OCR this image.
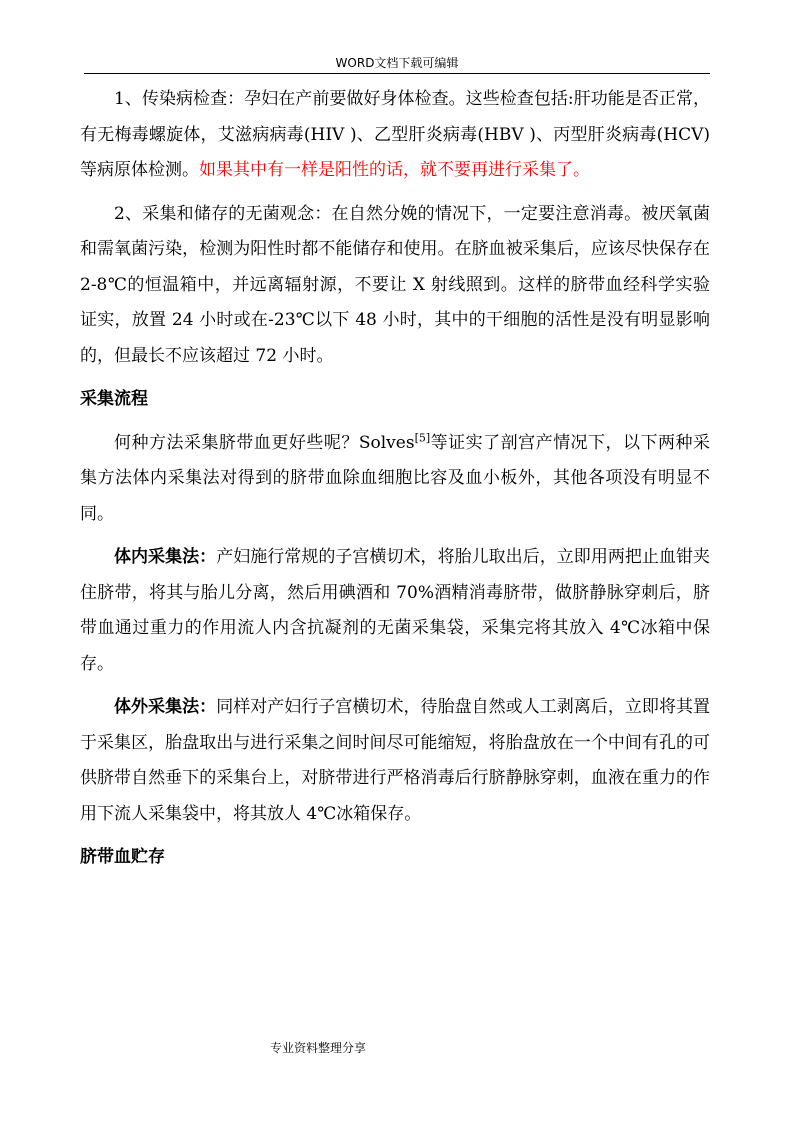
WORD文档下载可编辑

1、传染病检查：孕妇在产前要做好身体检查。这些检查包括:肝功能是否正常，有无梅毒螺旋体，艾滋病病毒(HIV )、乙型肝炎病毒(HBV )、丙型肝炎病毒(HCV)等病原体检测。如果其中有一样是阳性的话，就不要再进行采集了。

2、采集和储存的无菌观念：在自然分娩的情况下，一定要注意消毒。被厌氧菌和需氧菌污染，检测为阳性时都不能储存和使用。在脐血被采集后，应该尽快保存在 2-8℃的恒温箱中，并远离辐射源，不要让 X 射线照到。这样的脐带血经科学实验证实，放置 24 小时或在-23℃以下 48 小时，其中的干细胞的活性是没有明显影响的，但最长不应该超过 72 小时。

采集流程

何种方法采集脐带血更好些呢？Solves[5]等证实了剖宫产情况下，以下两种采集方法体内采集法对得到的脐带血除血细胞比容及血小板外，其他各项没有明显不同。

体内采集法：产妇施行常规的子宫横切术，将胎儿取出后，立即用两把止血钳夹住脐带，将其与胎儿分离，然后用碘酒和 70%酒精消毒脐带，做脐静脉穿刺后，脐带血通过重力的作用流人内含抗凝剂的无菌采集袋，采集完将其放入 4℃冰箱中保存。

体外采集法：同样对产妇行子宫横切术，待胎盘自然或人工剥离后，立即将其置于采集区，胎盘取出与进行采集之间时间尽可能缩短，将胎盘放在一个中间有孔的可供脐带自然垂下的采集台上，对脐带进行严格消毒后行脐静脉穿刺，血液在重力的作用下流人采集袋中，将其放人 4℃冰箱保存。

脐带血贮存
专业资料整理分享
